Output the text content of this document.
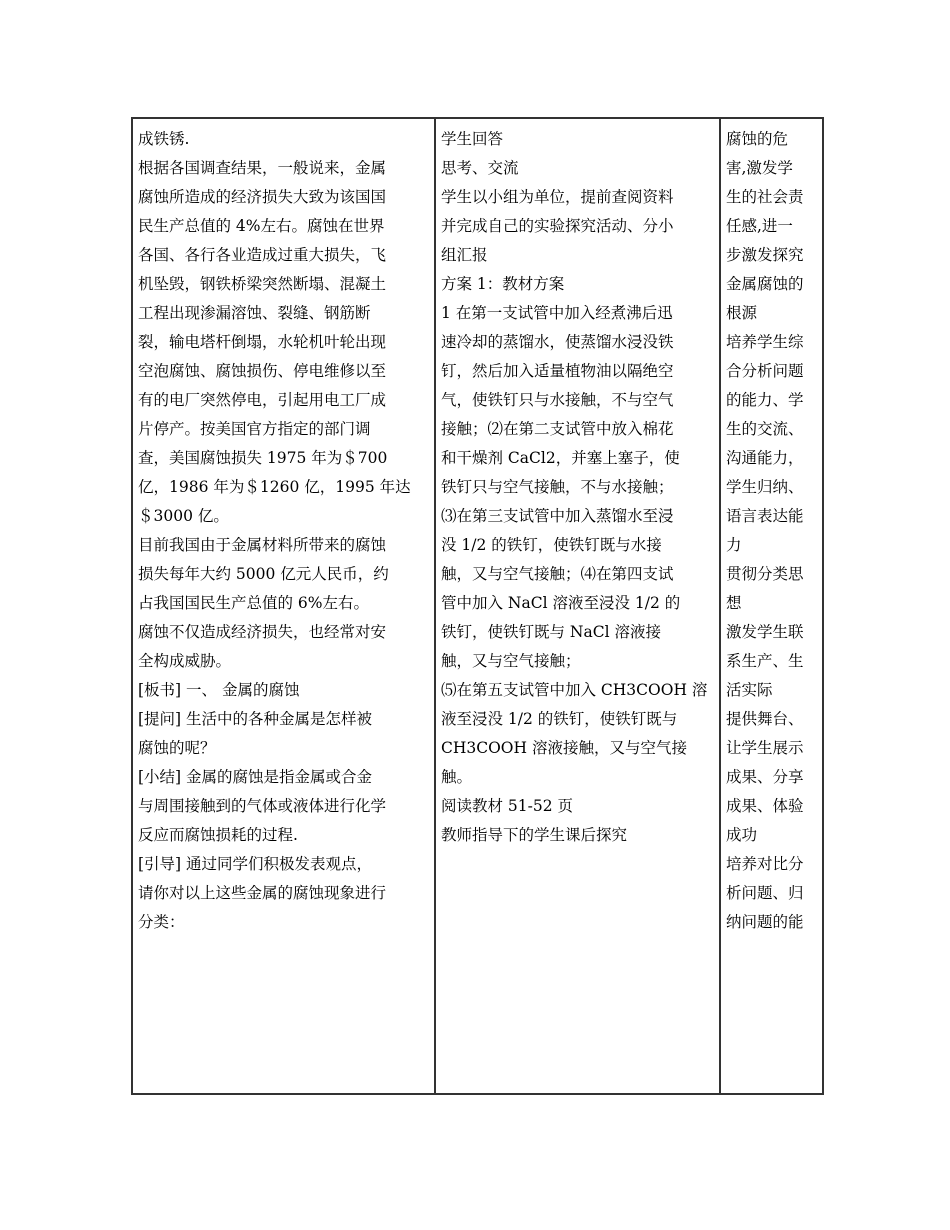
成铁锈.
根据各国调查结果，一般说来，金属
腐蚀所造成的经济损失大致为该国国
民生产总值的 4%左右。腐蚀在世界
各国、各行各业造成过重大损失，飞
机坠毁，钢铁桥梁突然断塌、混凝土
工程出现渗漏溶蚀、裂缝、钢筋断
裂，输电塔杆倒塌，水轮机叶轮出现
空泡腐蚀、腐蚀损伤、停电维修以至
有的电厂突然停电，引起用电工厂成
片停产。按美国官方指定的部门调
查，美国腐蚀损失 1975 年为＄700
亿，1986 年为＄1260 亿，1995 年达
＄3000 亿。
目前我国由于金属材料所带来的腐蚀
损失每年大约 5000 亿元人民币，约
占我国国民生产总值的 6%左右。
腐蚀不仅造成经济损失，也经常对安
全构成威胁。
[板书] 一、 金属的腐蚀
[提问] 生活中的各种金属是怎样被
腐蚀的呢？
[小结] 金属的腐蚀是指金属或合金
与周围接触到的气体或液体进行化学
反应而腐蚀损耗的过程.
[引导] 通过同学们积极发表观点，
请你对以上这些金属的腐蚀现象进行
分类：

学生回答
思考、交流
学生以小组为单位，提前查阅资料
并完成自己的实验探究活动、分小
组汇报
方案 1：教材方案
1 在第一支试管中加入经煮沸后迅
速冷却的蒸馏水，使蒸馏水浸没铁
钉，然后加入适量植物油以隔绝空
气，使铁钉只与水接触，不与空气
接触；⑵在第二支试管中放入棉花
和干燥剂 CaCl2，并塞上塞子，使
铁钉只与空气接触，不与水接触；
⑶在第三支试管中加入蒸馏水至浸
没 1/2 的铁钉，使铁钉既与水接
触，又与空气接触；⑷在第四支试
管中加入 NaCl 溶液至浸没 1/2 的
铁钉，使铁钉既与 NaCl 溶液接
触，又与空气接触；
⑸在第五支试管中加入 CH3COOH 溶
液至浸没 1/2 的铁钉，使铁钉既与
CH3COOH 溶液接触，又与空气接
触。
阅读教材 51-52 页
教师指导下的学生课后探究

腐蚀的危
害,激发学
生的社会责
任感,进一
步激发探究
金属腐蚀的
根源
培养学生综
合分析问题
的能力、学
生的交流、
沟通能力，
学生归纳、
语言表达能
力
贯彻分类思
想
激发学生联
系生产、生
活实际
提供舞台、
让学生展示
成果、分享
成果、体验
成功
培养对比分
析问题、归
纳问题的能
